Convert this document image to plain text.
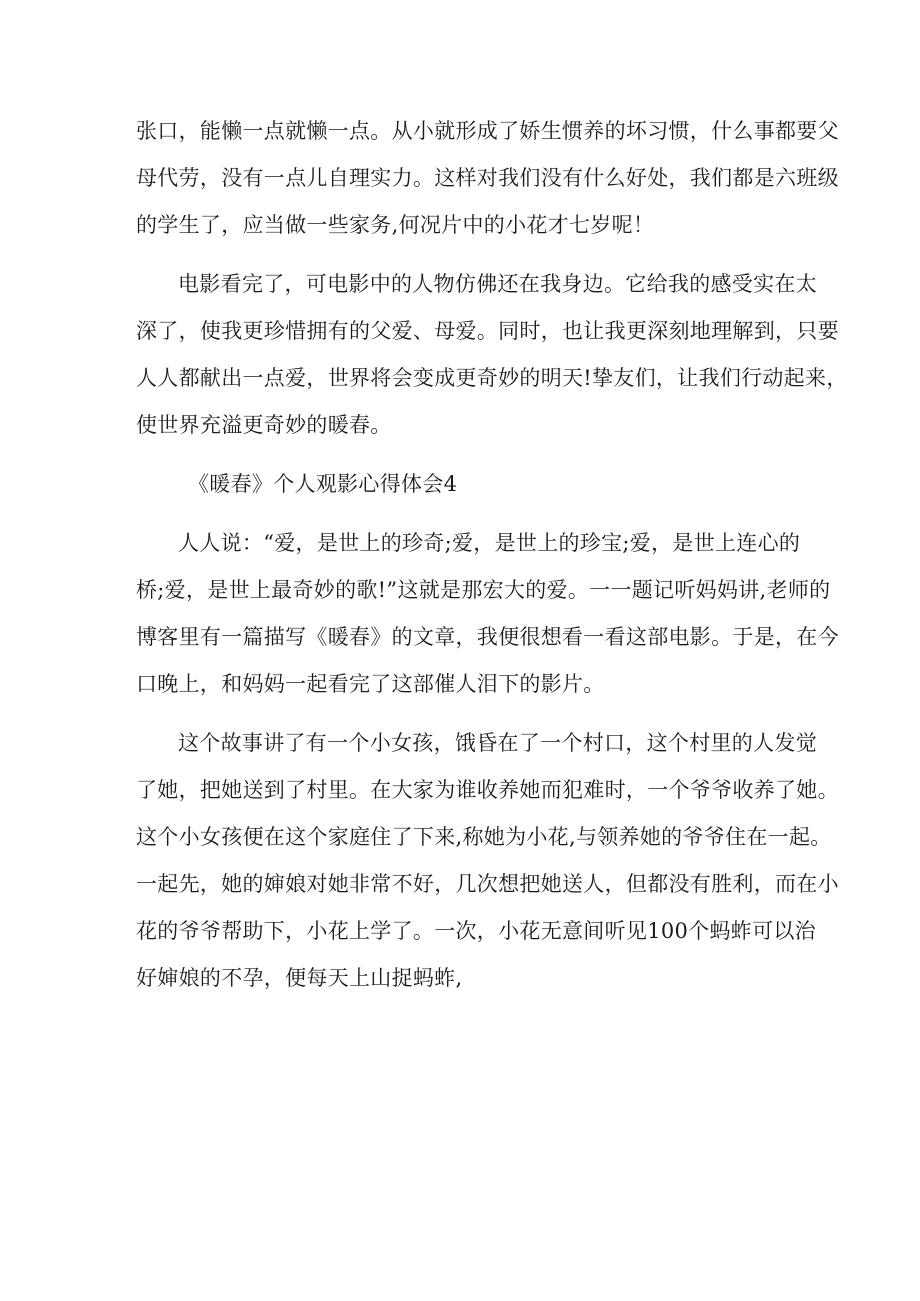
张口，能懒一点就懒一点。从小就形成了娇生惯养的坏习惯，什么事都要父
母代劳，没有一点儿自理实力。这样对我们没有什么好处，我们都是六班级
的学生了，应当做一些家务,何况片中的小花才七岁呢！
电影看完了，可电影中的人物仿佛还在我身边。它给我的感受实在太
深了，使我更珍惜拥有的父爱、母爱。同时，也让我更深刻地理解到，只要
人人都献出一点爱，世界将会变成更奇妙的明天!挚友们，让我们行动起来，
使世界充溢更奇妙的暖春。
《暖春》个人观影心得体会4
人人说：“爱，是世上的珍奇;爱，是世上的珍宝;爱，是世上连心的
桥;爱，是世上最奇妙的歌!”这就是那宏大的爱。一一题记听妈妈讲,老师的
博客里有一篇描写《暖春》的文章，我便很想看一看这部电影。于是，在今
口晚上，和妈妈一起看完了这部催人泪下的影片。
这个故事讲了有一个小女孩，饿昏在了一个村口，这个村里的人发觉
了她，把她送到了村里。在大家为谁收养她而犯难时，一个爷爷收养了她。
这个小女孩便在这个家庭住了下来,称她为小花,与领养她的爷爷住在一起。
一起先，她的婶娘对她非常不好，几次想把她送人，但都没有胜利，而在小
花的爷爷帮助下，小花上学了。一次，小花无意间听见100个蚂蚱可以治
好婶娘的不孕，便每天上山捉蚂蚱,
